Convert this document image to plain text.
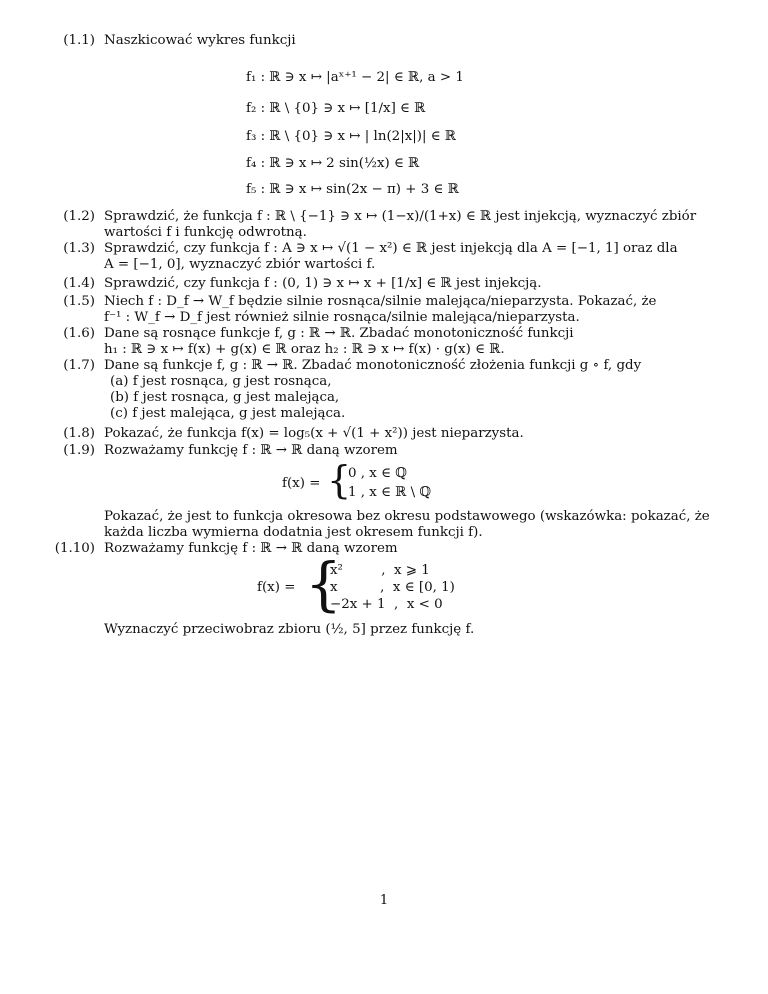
(1.1) Naszkicować wykres funkcji
f₁ : ℝ ∋ x ↦ |aˣ⁺¹ − 2| ∈ ℝ, a > 1
f₂ : ℝ \ {0} ∋ x ↦ [1/x] ∈ ℝ
f₃ : ℝ \ {0} ∋ x ↦ | ln(2|x|)| ∈ ℝ
f₄ : ℝ ∋ x ↦ 2 sin(½x) ∈ ℝ
f₅ : ℝ ∋ x ↦ sin(2x − π) + 3 ∈ ℝ
(1.2) Sprawdzić, że funkcja f : ℝ \ {−1} ∋ x ↦ (1−x)/(1+x) ∈ ℝ jest injekcją, wyznaczyć zbiór
wartości f i funkcję odwrotną.
(1.3) Sprawdzić, czy funkcja f : A ∋ x ↦ √(1 − x²) ∈ ℝ jest injekcją dla A = [−1, 1] oraz dla
A = [−1, 0], wyznaczyć zbiór wartości f.
(1.4) Sprawdzić, czy funkcja f : (0, 1) ∋ x ↦ x + [1/x] ∈ ℝ jest injekcją.
(1.5) Niech f : D_f → W_f będzie silnie rosnąca/silnie malejąca/nieparzysta. Pokazać, że
f⁻¹ : W_f → D_f jest również silnie rosnąca/silnie malejąca/nieparzysta.
(1.6) Dane są rosnące funkcje f, g : ℝ → ℝ. Zbadać monotoniczność funkcji
h₁ : ℝ ∋ x ↦ f(x) + g(x) ∈ ℝ oraz h₂ : ℝ ∋ x ↦ f(x) · g(x) ∈ ℝ.
(1.7) Dane są funkcje f, g : ℝ → ℝ. Zbadać monotoniczność złożenia funkcji g ∘ f, gdy
(a) f jest rosnąca, g jest rosnąca,
(b) f jest rosnąca, g jest malejąca,
(c) f jest malejąca, g jest malejąca.
(1.8) Pokazać, że funkcja f(x) = log₅(x + √(1 + x²)) jest nieparzysta.
(1.9) Rozważamy funkcję f : ℝ → ℝ daną wzorem
f(x) = {
0 , x ∈ ℚ
1 , x ∈ ℝ \ ℚ
Pokazać, że jest to funkcja okresowa bez okresu podstawowego (wskazówka: pokazać, że
każda liczba wymierna dodatnia jest okresem funkcji f).
(1.10) Rozważamy funkcję f : ℝ → ℝ daną wzorem
f(x) = {
x²         ,  x ⩾ 1
x          ,  x ∈ [0, 1)
−2x + 1  ,  x < 0
Wyznaczyć przeciwobraz zbioru (½, 5] przez funkcję f.
1
